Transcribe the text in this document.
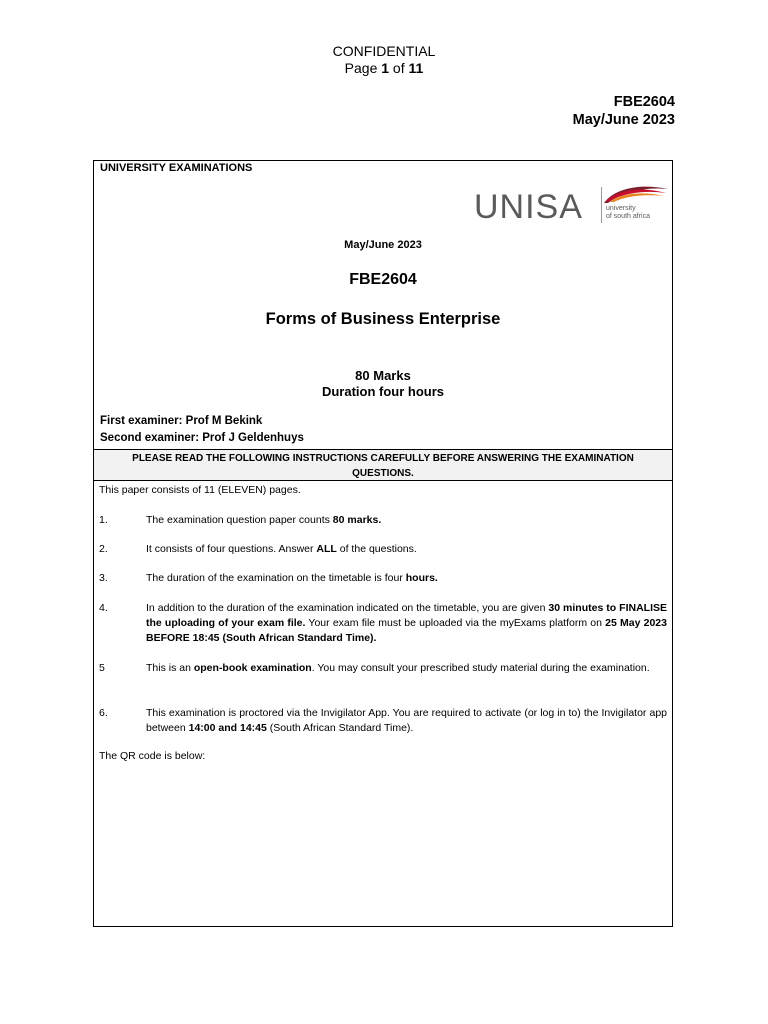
CONFIDENTIAL
Page 1 of 11
FBE2604
May/June 2023
UNIVERSITY EXAMINATIONS
UNISA	university
of south africa
May/June 2023
FBE2604
Forms of Business Enterprise
80 Marks
Duration four hours
First examiner: Prof M Bekink
Second examiner: Prof J Geldenhuys
PLEASE READ THE FOLLOWING INSTRUCTIONS CAREFULLY BEFORE ANSWERING THE EXAMINATION QUESTIONS.
This paper consists of 11 (ELEVEN) pages.
1.	The examination question paper counts 80 marks.
2.	It consists of four questions. Answer ALL of the questions.
3.	The duration of the examination on the timetable is four hours.
4.	In addition to the duration of the examination indicated on the timetable, you are given 30 minutes to FINALISE the uploading of your exam file. Your exam file must be uploaded via the myExams platform on 25 May 2023 BEFORE 18:45 (South African Standard Time).
5	This is an open-book examination. You may consult your prescribed study material during the examination.
6.	This examination is proctored via the Invigilator App. You are required to activate (or log in to) the Invigilator app between 14:00 and 14:45 (South African Standard Time).
The QR code is below:
